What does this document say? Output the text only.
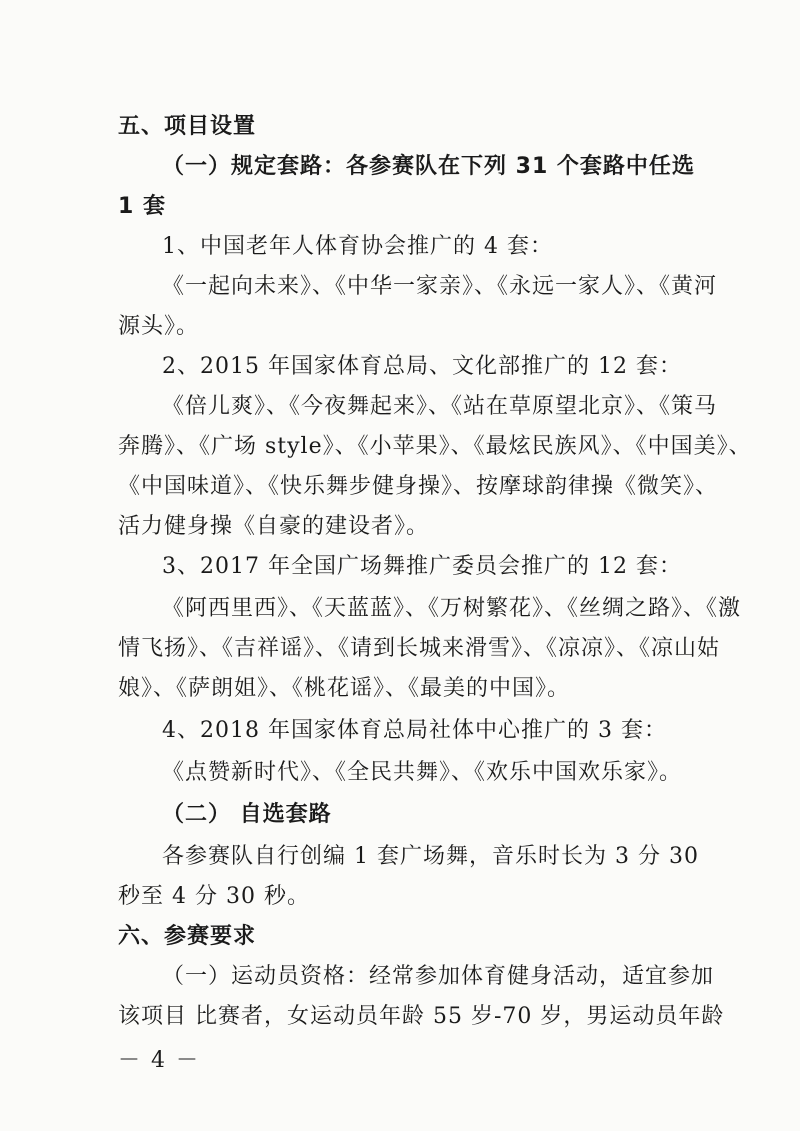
五、项目设置
（一）规定套路：各参赛队在下列 31 个套路中任选
1 套
1、中国老年人体育协会推广的 4 套：
《一起向未来》、《中华一家亲》、《永远一家人》、《黄河
源头》。
2、2015 年国家体育总局、文化部推广的 12 套：
《倍儿爽》、《今夜舞起来》、《站在草原望北京》、《策马
奔腾》、《广场 style》、《小苹果》、《最炫民族风》、《中国美》、
《中国味道》、《快乐舞步健身操》、按摩球韵律操《微笑》、
活力健身操《自豪的建设者》。
3、2017 年全国广场舞推广委员会推广的 12 套：
《阿西里西》、《天蓝蓝》、《万树繁花》、《丝绸之路》、《激
情飞扬》、《吉祥谣》、《请到长城来滑雪》、《凉凉》、《凉山姑
娘》、《萨朗姐》、《桃花谣》、《最美的中国》。
4、2018 年国家体育总局社体中心推广的 3 套：
《点赞新时代》、《全民共舞》、《欢乐中国欢乐家》。
（二） 自选套路
各参赛队自行创编 1 套广场舞，音乐时长为 3 分 30
秒至 4 分 30 秒。
六、参赛要求
（一）运动员资格：经常参加体育健身活动，适宜参加
该项目 比赛者，女运动员年龄 55 岁-70 岁，男运动员年龄
－ 4 －
